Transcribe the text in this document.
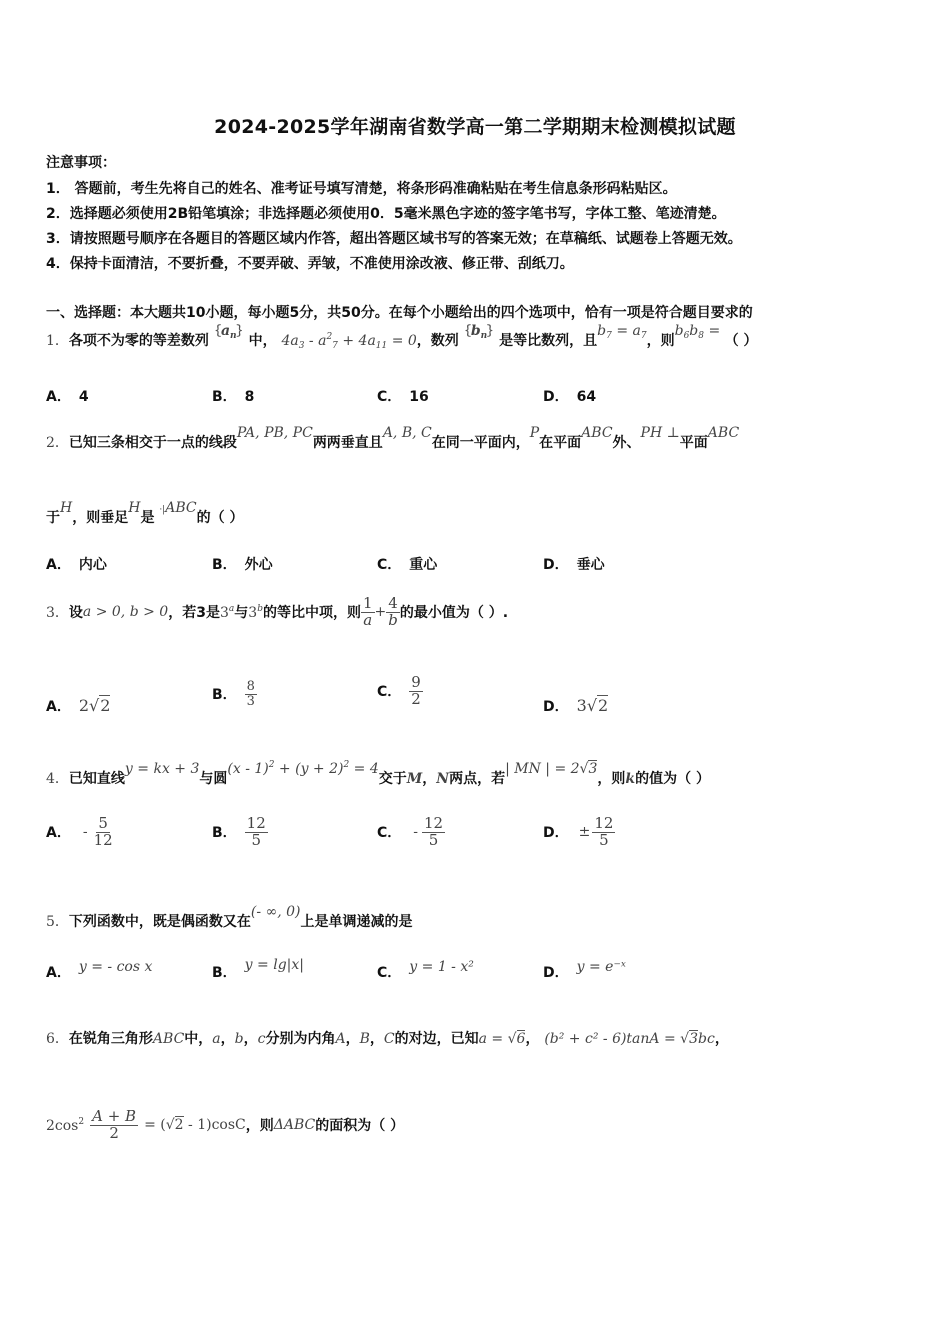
2024-2025学年湖南省数学高一第二学期期末检测模拟试题
注意事项：
1． 答题前，考生先将自己的姓名、准考证号填写清楚，将条形码准确粘贴在考生信息条形码粘贴区。
2．选择题必须使用2B铅笔填涂；非选择题必须使用0．5毫米黑色字迹的签字笔书写，字体工整、笔迹清楚。
3．请按照题号顺序在各题目的答题区域内作答，超出答题区域书写的答案无效；在草稿纸、试题卷上答题无效。
4．保持卡面清洁，不要折叠，不要弄破、弄皱，不准使用涂改液、修正带、刮纸刀。
一、选择题：本大题共10小题，每小题5分，共50分。在每个小题给出的四个选项中，恰有一项是符合题目要求的
1．各项不为零的等差数列$\{a_n\}$中， $4a_3 - a^2_7 + 4a_{11} = 0$，数列$\{b_n\}$是等比数列，且$b_7 = a_7$，则$b_6b_8$ = （ ）
A． 4	B． 8	C． 16	D． 64
2．已知三条相交于一点的线段PA, PB, PC两两垂直且A, B, C在同一平面内，P在平面ABC外、PH ⊥平面ABC
于H，则垂足H是 ·|ABC的（ ）
A． 内心	B． 外心	C． 重心	D． 垂心
3． 设 a > 0, b > 0 ，若3是 3$^a$ 与 3$^b$ 的等比中项，则 $\frac{1}{a} + \frac{4}{b}$ 的最小值为（ ）.
A． 2√2
B． $\frac{8}{3}$	C． $\frac{9}{2}$	D． 3√2
4．已知直线y = kx + 3与圆$(x - 1)^2 + (y + 2)^2 = 4$交于M，N两点，若| MN | = 2√3，则k的值为（ ）
A． - $\frac{5}{12}$	B． $\frac{12}{5}$	C． - $\frac{12}{5}$	D． ± $\frac{12}{5}$
5．下列函数中，既是偶函数又在(- ∞, 0)上是单调递减的是
A． y = - cos x	B． y = lg|x|	C． y = 1 - x²	D． y = e⁻ˣ
6．在锐角三角形ABC中，a，b，c分别为内角A，B，C的对边，已知a = √6， (b² + c² - 6)tanA = √3bc，
$2\cos^2 \frac{A + B}{2} = (√2 - 1)\cos C$ ，则 ΔABC 的面积为（ ）
